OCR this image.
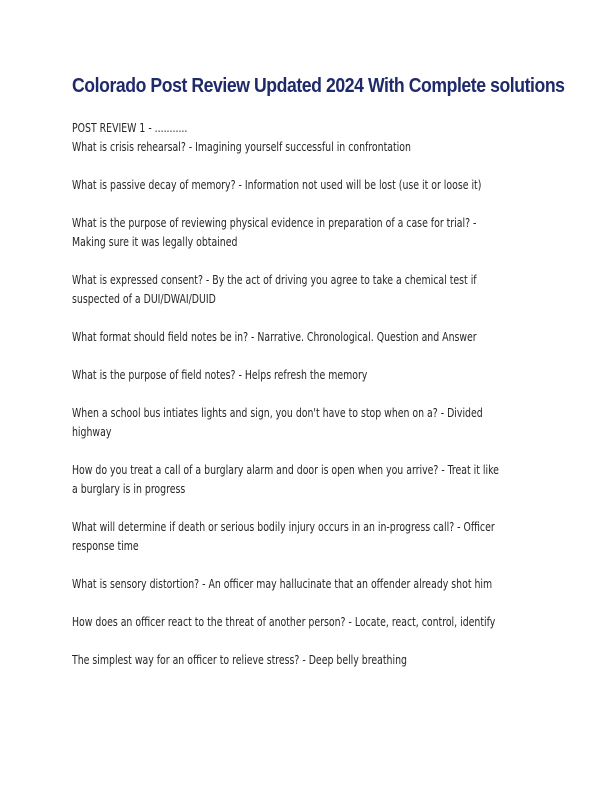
Colorado Post Review Updated 2024 With Complete solutions

POST REVIEW 1 - ...........

What is crisis rehearsal? - Imagining yourself successful in confrontation

What is passive decay of memory? - Information not used will be lost (use it or loose it)

What is the purpose of reviewing physical evidence in preparation of a case for trial? -
Making sure it was legally obtained

What is expressed consent? - By the act of driving you agree to take a chemical test if
suspected of a DUI/DWAI/DUID

What format should field notes be in? - Narrative. Chronological. Question and Answer

What is the purpose of field notes? - Helps refresh the memory

When a school bus intiates lights and sign, you don't have to stop when on a? - Divided
highway

How do you treat a call of a burglary alarm and door is open when you arrive? - Treat it like
a burglary is in progress

What will determine if death or serious bodily injury occurs in an in-progress call? - Officer
response time

What is sensory distortion? - An officer may hallucinate that an offender already shot him

How does an officer react to the threat of another person? - Locate, react, control, identify

The simplest way for an officer to relieve stress? - Deep belly breathing
